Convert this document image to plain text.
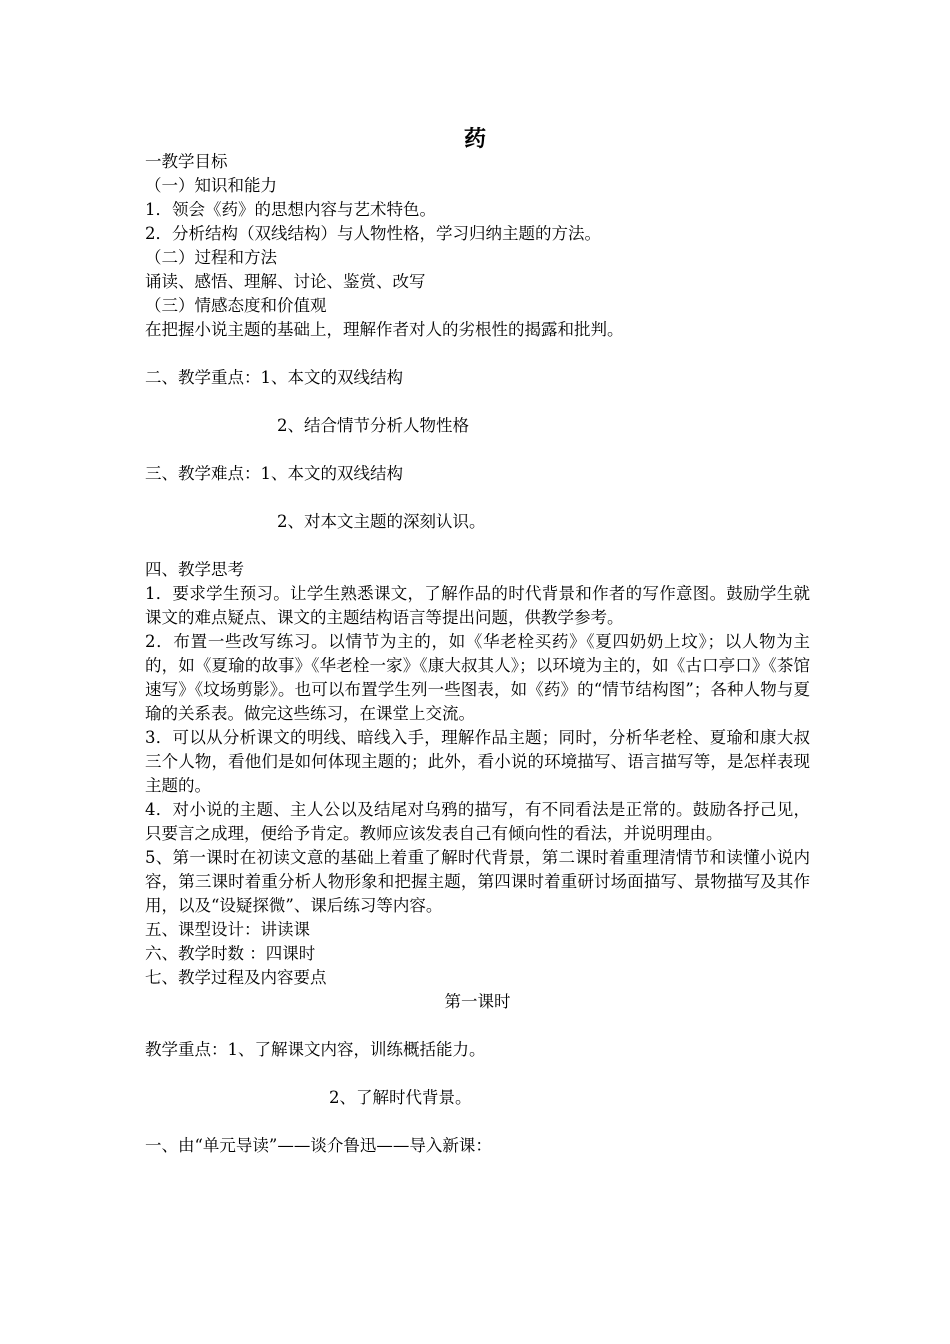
药

一教学目标

（一）知识和能力

1．领会《药》的思想内容与艺术特色。

2．分析结构（双线结构）与人物性格，学习归纳主题的方法。

（二）过程和方法

诵读、感悟、理解、讨论、鉴赏、改写

（三）情感态度和价值观

在把握小说主题的基础上，理解作者对人的劣根性的揭露和批判。

二、教学重点：1、本文的双线结构

2、结合情节分析人物性格

三、教学难点：1、本文的双线结构

2、对本文主题的深刻认识。

四、教学思考

1．要求学生预习。让学生熟悉课文，了解作品的时代背景和作者的写作意图。鼓励学生就课文的难点疑点、课文的主题结构语言等提出问题，供教学参考。

2．布置一些改写练习。以情节为主的，如《华老栓买药》《夏四奶奶上坟》；以人物为主的，如《夏瑜的故事》《华老栓一家》《康大叔其人》；以环境为主的，如《古口亭口》《茶馆速写》《坟场剪影》。也可以布置学生列一些图表，如《药》的“情节结构图”；各种人物与夏瑜的关系表。做完这些练习，在课堂上交流。

3．可以从分析课文的明线、暗线入手，理解作品主题；同时，分析华老栓、夏瑜和康大叔三个人物，看他们是如何体现主题的；此外，看小说的环境描写、语言描写等，是怎样表现主题的。

4．对小说的主题、主人公以及结尾对乌鸦的描写，有不同看法是正常的。鼓励各抒己见，只要言之成理，便给予肯定。教师应该发表自己有倾向性的看法，并说明理由。

5、第一课时在初读文意的基础上着重了解时代背景，第二课时着重理清情节和读懂小说内容，第三课时着重分析人物形象和把握主题，第四课时着重研讨场面描写、景物描写及其作用，以及“设疑探微”、课后练习等内容。

五、课型设计：讲读课

六、教学时数 ：四课时

七、教学过程及内容要点

第一课时

教学重点：1、了解课文内容，训练概括能力。

2、了解时代背景。

一、由“单元导读”——谈介鲁迅——导入新课：
